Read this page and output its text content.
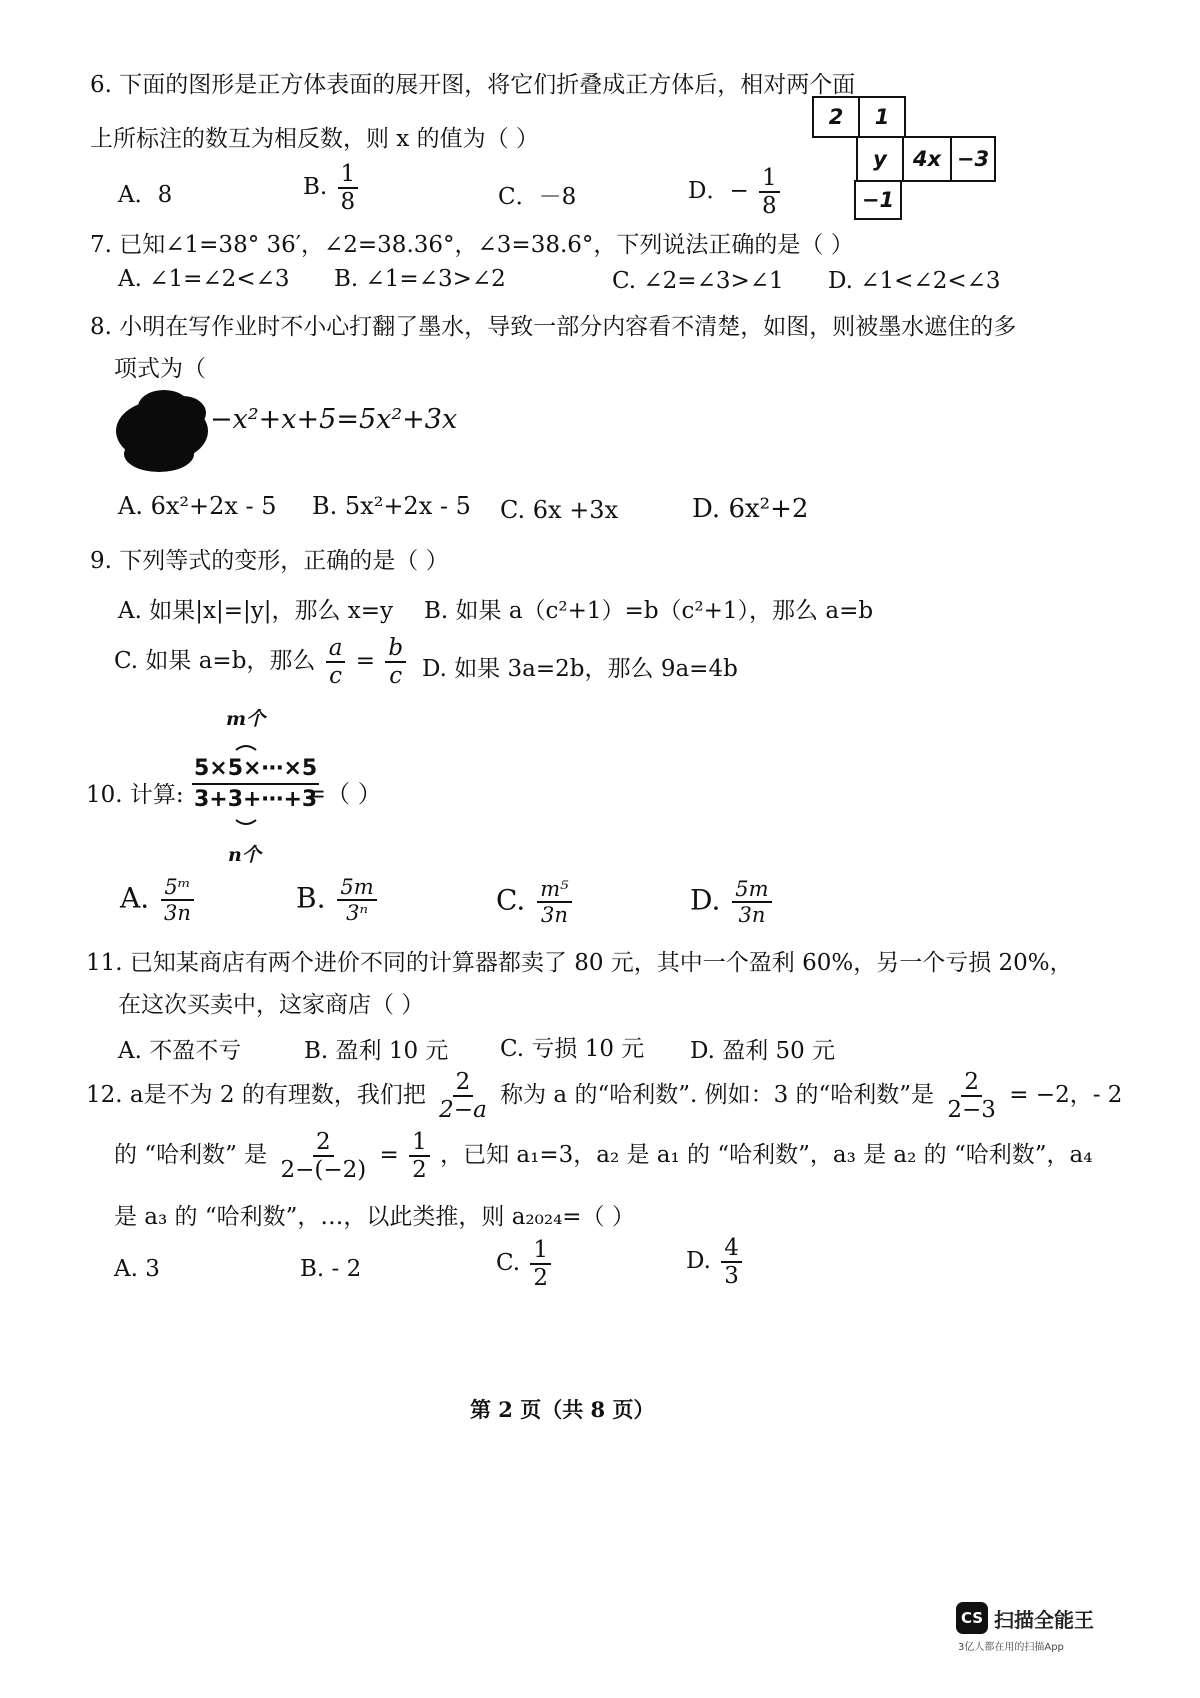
6. 下面的图形是正方体表面的展开图，将它们折叠成正方体后，相对两个面
上所标注的数互为相反数，则 x 的值为（ ）
A．8	B. $\frac{1}{8}$	C．－8	D．− $\frac{1}{8}$
2	1
y	4x −3
−1
7. 已知∠1=38° 36′，∠2=38.36°，∠3=38.6°，下列说法正确的是（ ）
A. ∠1=∠2<∠3 B. ∠1=∠3>∠2	C. ∠2=∠3>∠1 D. ∠1<∠2<∠3
8. 小明在写作业时不小心打翻了墨水，导致一部分内容看不清楚，如图，则被墨水遮住的多
项式为（
−x²+x+5=5x²+3x
A. 6x²+2x - 5 B. 5x²+2x - 5 C. 6x +3x	D. 6x²+2
9. 下列等式的变形，正确的是（ ）
A. 如果|x|=|y|，那么 x=y B. 如果 a（c²+1）=b（c²+1），那么 a=b
C. 如果 a=b，那么 $\frac{a}{c} = \frac{b}{c} D$. 如果 3a=2b，那么 9a=4b
m个
10. 计算: $\frac{5\times 5\times\cdots\times 5}{3+3+\cdots+3}$
=（ ）
n个
A. $\frac{\text{5ᵐ}}{3n}$	B. $\frac{5m}{\text{3ⁿ}}$	C. $\frac{\text{m⁵}}{3n}$	D. $\frac{5m}{3n}$
11. 已知某商店有两个进价不同的计算器都卖了 80 元，其中一个盈利 60%，另一个亏损 20%，
在这次买卖中，这家商店（ ）
A. 不盈不亏	B. 盈利 10 元 C. 亏损 10 元 D. 盈利 50 元
12. a是不为 2 的有理数，我们把 $\frac{2}{2-a}$ 称为 a 的“哈利数”. 例如：3 的“哈利数”是 $\frac{2}{2-3} = -2$，- 2
的 “哈利数” 是 $\frac{2}{2-(-2)} = \frac{1}{2}$ ，已知 a₁=3，a₂ 是 a₁ 的 “哈利数”，a₃ 是 a₂ 的 “哈利数”，a₄
是 a₃ 的 “哈利数”，…，以此类推，则 a₂₀₂₄=（ ）
A. 3	B. - 2	C. $\frac{1}{2}$	D. $\frac{4}{3}$
第 2 页（共 8 页）
CS 扫描全能王
3亿人都在用的扫描App
